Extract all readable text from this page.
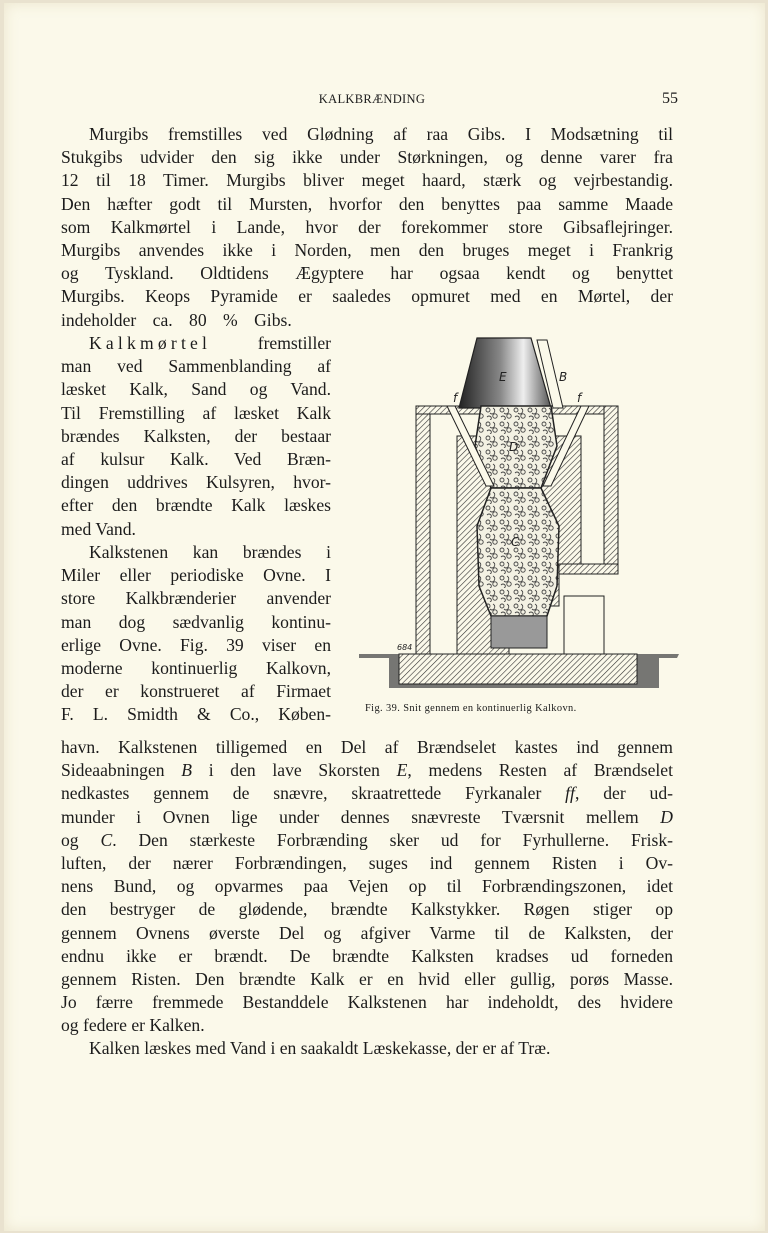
KALKBRÆNDING	55
Murgibs fremstilles ved Glødning af raa Gibs. I Modsætning til
Stukgibs udvider den sig ikke under Størkningen, og denne varer fra
12 til 18 Timer. Murgibs bliver meget haard, stærk og vejrbestandig.
Den hæfter godt til Mursten, hvorfor den benyttes paa samme Maade
som Kalkmørtel i Lande, hvor der forekommer store Gibsaflejringer.
Murgibs anvendes ikke i Norden, men den bruges meget i Frankrig
og Tyskland. Oldtidens Ægyptere har ogsaa kendt og benyttet
Murgibs. Keops Pyramide er saaledes opmuret med en Mørtel, der
indeholder ca. 80 % Gibs.
Kalkmørtel	fremstiller
man ved Sammenblanding af
læsket Kalk, Sand og Vand.
Til Fremstilling af læsket Kalk
brændes Kalksten, der bestaar
af kulsur Kalk. Ved Bræn-
dingen uddrives Kulsyren, hvor-
efter den brændte Kalk læskes
med Vand.
Kalkstenen kan brændes i
Miler eller periodiske Ovne. I
store Kalkbrænderier anvender
man dog sædvanlig kontinu-
erlige Ovne. Fig. 39 viser en
moderne kontinuerlig Kalkovn,
der er konstrueret af Firmaet
F. L. Smidth & Co., Køben-
E	B
D
C
f	f
684
Fig. 39. Snit gennem en kontinuerlig Kalkovn.
havn. Kalkstenen tilligemed en Del af Brændselet kastes ind gennem
Sideaabningen B i den lave Skorsten E, medens Resten af Brændselet
nedkastes gennem de snævre, skraatrettede Fyrkanaler ff, der ud-
munder i Ovnen lige under dennes snævreste Tværsnit mellem D
og C. Den stærkeste Forbrænding sker ud for Fyrhullerne. Frisk-
luften, der nærer Forbrændingen, suges ind gennem Risten i Ov-
nens Bund, og opvarmes paa Vejen op til Forbrændingszonen, idet
den bestryger de glødende, brændte Kalkstykker. Røgen stiger op
gennem Ovnens øverste Del og afgiver Varme til de Kalksten, der
endnu ikke er brændt. De brændte Kalksten kradses ud forneden
gennem Risten. Den brændte Kalk er en hvid eller gullig, porøs Masse.
Jo færre fremmede Bestanddele Kalkstenen har indeholdt, des hvidere
og federe er Kalken.
Kalken læskes med Vand i en saakaldt Læskekasse, der er af Træ.
